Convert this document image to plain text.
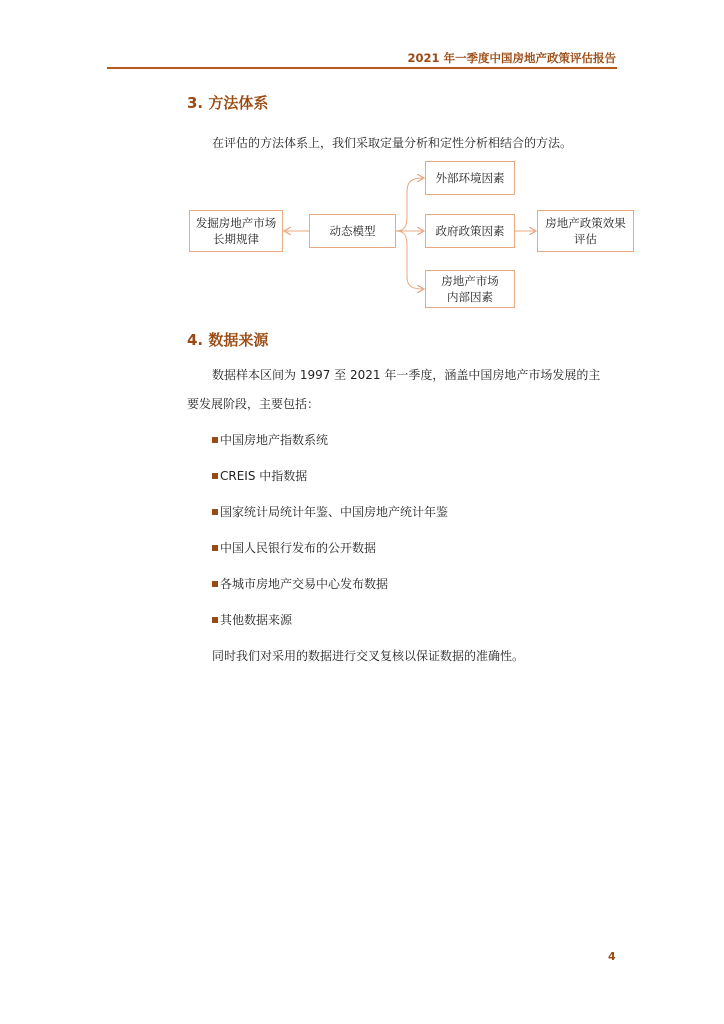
2021 年一季度中国房地产政策评估报告
3. 方法体系
在评估的方法体系上，我们采取定量分析和定性分析相结合的方法。
发掘房地产市场
长期规律
动态模型
外部环境因素
政府政策因素
房地产市场
内部因素
房地产政策效果
评估
4. 数据来源
数据样本区间为 1997 至 2021 年一季度，涵盖中国房地产市场发展的主
要发展阶段，主要包括：
中国房地产指数系统
CREIS 中指数据
国家统计局统计年鉴、中国房地产统计年鉴
中国人民银行发布的公开数据
各城市房地产交易中心发布数据
其他数据来源
同时我们对采用的数据进行交叉复核以保证数据的准确性。
4
